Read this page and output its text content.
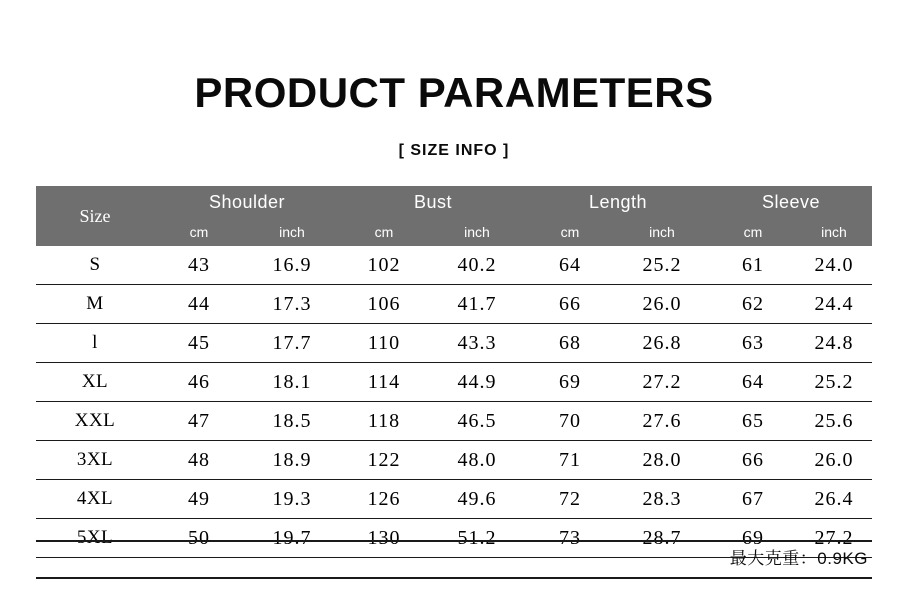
PRODUCT PARAMETERS
[ SIZE INFO ]
Size	Shoulder		Bust		Length		Sleeve	
	cm	inch	cm	inch	cm	inch	cm	inch
S	43	16.9	102	40.2	64	25.2	61	24.0
M	44	17.3	106	41.7	66	26.0	62	24.4
l	45	17.7	110	43.3	68	26.8	63	24.8
XL	46	18.1	114	44.9	69	27.2	64	25.2
XXL	47	18.5	118	46.5	70	27.6	65	25.6
3XL	48	18.9	122	48.0	71	28.0	66	26.0
4XL	49	19.3	126	49.6	72	28.3	67	26.4
5XL	50	19.7	130	51.2	73	28.7	69	27.2
最大克重：0.9KG
